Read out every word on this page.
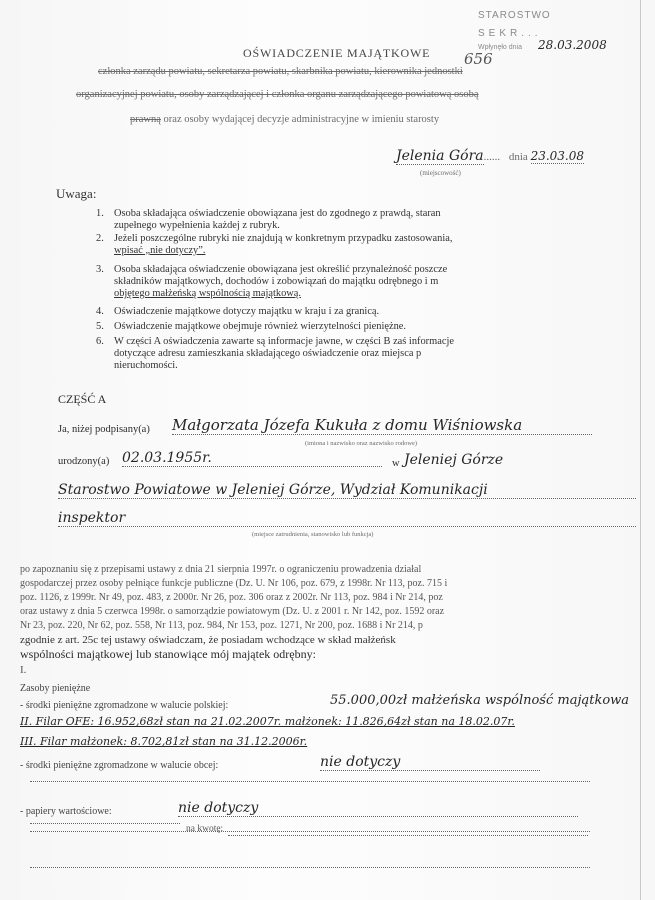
STAROSTWO
SEKR...
Wpłynęło dnia 28.03.2008
656
OŚWIADCZENIE MAJĄTKOWE
członka zarządu powiatu, sekretarza powiatu, skarbnika powiatu, kierownika jednostki
organizacyjnej powiatu, osoby zarządzającej i członka organu zarządzającego powiatową osobą
prawną oraz osoby wydającej decyzje administracyjne w imieniu starosty
Jelenia Góra...... dnia 23.03.08
(miejscowość)
Uwaga:
1. Osoba składająca oświadczenie obowiązana jest do zgodnego z prawdą, staran
zupełnego wypełnienia każdej z rubryk.
2. Jeżeli poszczególne rubryki nie znajdują w konkretnym przypadku zastosowania,
wpisać „nie dotyczy”.
3. Osoba składająca oświadczenie obowiązana jest określić przynależność poszcze
składników majątkowych, dochodów i zobowiązań do majątku odrębnego i m
objętego małżeńską wspólnością majątkową.
4. Oświadczenie majątkowe dotyczy majątku w kraju i za granicą.
5. Oświadczenie majątkowe obejmuje również wierzytelności pieniężne.
6. W części A oświadczenia zawarte są informacje jawne, w części B zaś informacje
dotyczące adresu zamieszkania składającego oświadczenie oraz miejsca p
nieruchomości.
CZĘŚĆ A
Ja, niżej podpisany(a) Małgorzata Józefa Kukuła z domu Wiśniowska
(imiona i nazwisko oraz nazwisko rodowe)
urodzony(a) 02.03.1955r.	w Jeleniej Górze
Starostwo Powiatowe w Jeleniej Górze, Wydział Komunikacji
inspektor
(miejsce zatrudnienia, stanowisko lub funkcja)
po zapoznaniu się z przepisami ustawy z dnia 21 sierpnia 1997r. o ograniczeniu prowadzenia działal
gospodarczej przez osoby pełniące funkcje publiczne (Dz. U. Nr 106, poz. 679, z 1998r. Nr 113, poz. 715 i
poz. 1126, z 1999r. Nr 49, poz. 483, z 2000r. Nr 26, poz. 306 oraz z 2002r. Nr 113, poz. 984 i Nr 214, poz
oraz ustawy z dnia 5 czerwca 1998r. o samorządzie powiatowym (Dz. U. z 2001 r. Nr 142, poz. 1592 oraz
Nr 23, poz. 220, Nr 62, poz. 558, Nr 113, poz. 984, Nr 153, poz. 1271, Nr 200, poz. 1688 i Nr 214, p
zgodnie z art. 25c tej ustawy oświadczam, że posiadam wchodzące w skład małżeńsk
wspólności majątkowej lub stanowiące mój majątek odrębny:
I.
Zasoby pieniężne
- środki pieniężne zgromadzone w walucie polskiej:	55.000,00zł małżeńska wspólność majątkowa
II. Filar OFE: 16.952,68zł stan na 21.02.2007r. małżonek: 11.826,64zł stan na 18.02.07r.
III. Filar małżonek: 8.702,81zł stan na 31.12.2006r.
- środki pieniężne zgromadzone w walucie obcej:	nie dotyczy
- papiery wartościowe:	nie dotyczy
na kwotę:
